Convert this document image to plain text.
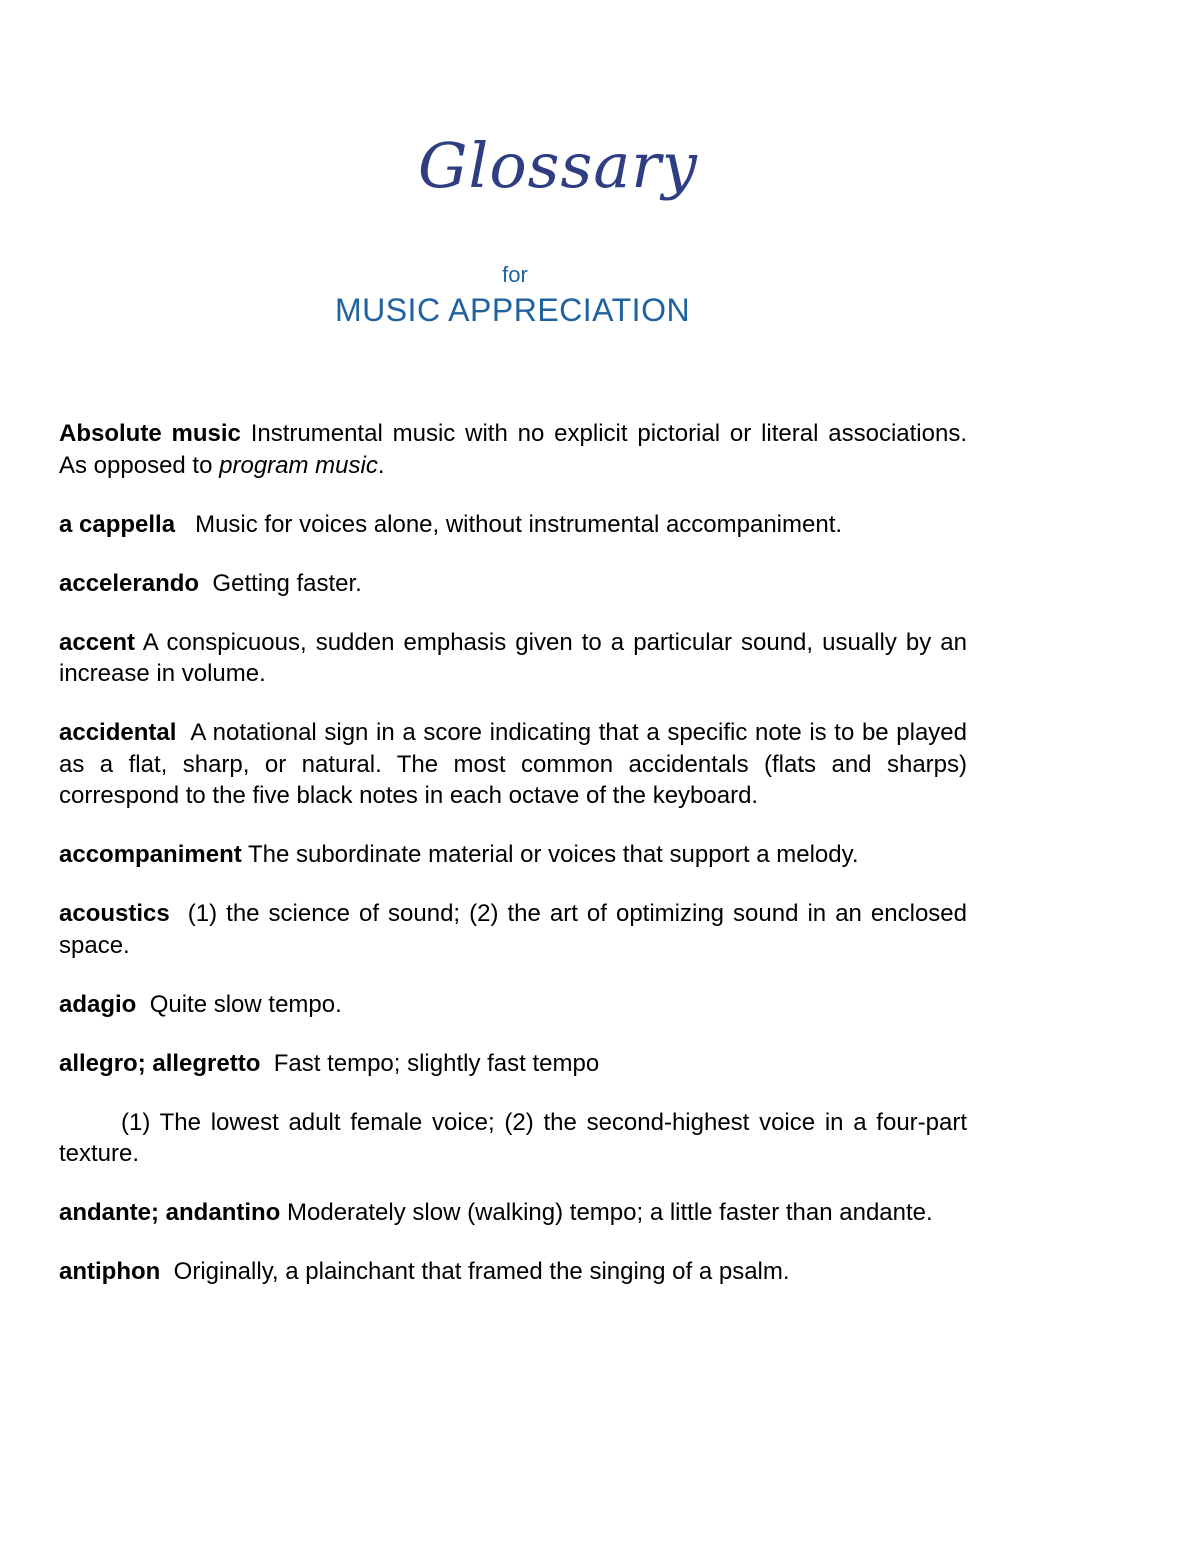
Glossary
for
MUSIC APPRECIATION

Absolute music Instrumental music with no explicit pictorial or literal associations. As opposed to program music.

a cappella Music for voices alone, without instrumental accompaniment.

accelerando Getting faster.

accent A conspicuous, sudden emphasis given to a particular sound, usually by an increase in volume.

accidental A notational sign in a score indicating that a specific note is to be played as a flat, sharp, or natural. The most common accidentals (flats and sharps) correspond to the five black notes in each octave of the keyboard.

accompaniment The subordinate material or voices that support a melody.

acoustics (1) the science of sound; (2) the art of optimizing sound in an enclosed space.

adagio Quite slow tempo.

allegro; allegretto Fast tempo; slightly fast tempo

(1) The lowest adult female voice; (2) the second-highest voice in a four-part texture.

andante; andantino Moderately slow (walking) tempo; a little faster than andante.

antiphon Originally, a plainchant that framed the singing of a psalm.
